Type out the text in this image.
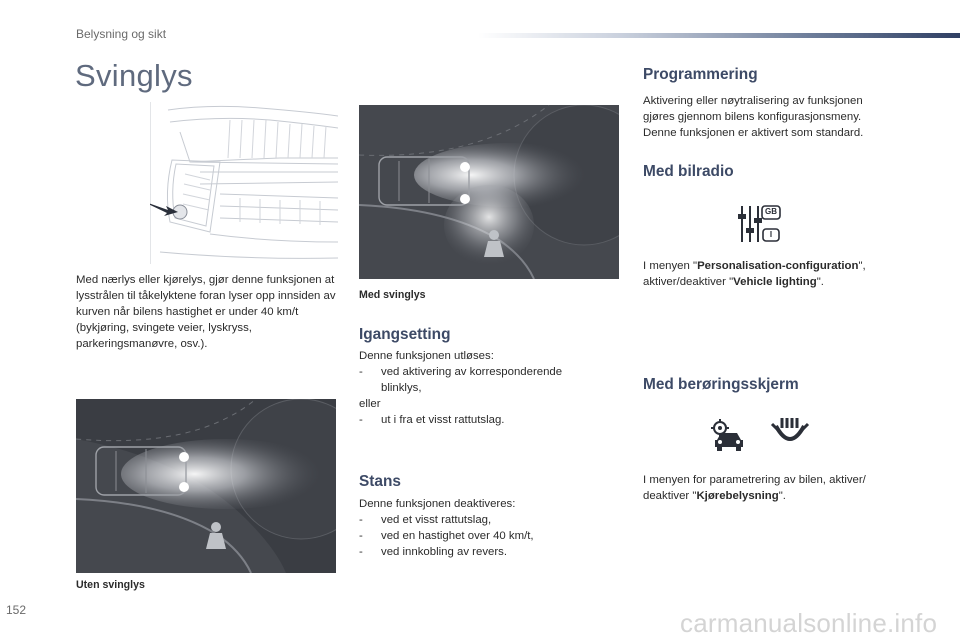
Belysning og sikt
Svinglys
Med nærlys eller kjørelys, gjør denne funksjonen at lysstrålen til tåkelyktene foran lyser opp innsiden av kurven når bilens hastighet er under 40 km/t (bykjøring, svingete veier, lyskryss, parkeringsmanøvre, osv.).
Uten svinglys
Med svinglys
Igangsetting
Denne funksjonen utløses:
- ved aktivering av korresponderende blinklys,
eller
- ut i fra et visst rattutslag.
Stans
Denne funksjonen deaktiveres:
- ved et visst rattutslag,
- ved en hastighet over 40 km/t,
- ved innkobling av revers.
Programmering
Aktivering eller nøytralisering av funksjonen gjøres gjennom bilens konfigurasjonsmeny. Denne funksjonen er aktivert som standard.
Med bilradio
GB
I
I menyen "Personalisation-configuration", aktiver/deaktiver "Vehicle lighting".
Med berøringsskjerm
I menyen for parametrering av bilen, aktiver/ deaktiver "Kjørebelysning".
152	carmanualsonline.info
